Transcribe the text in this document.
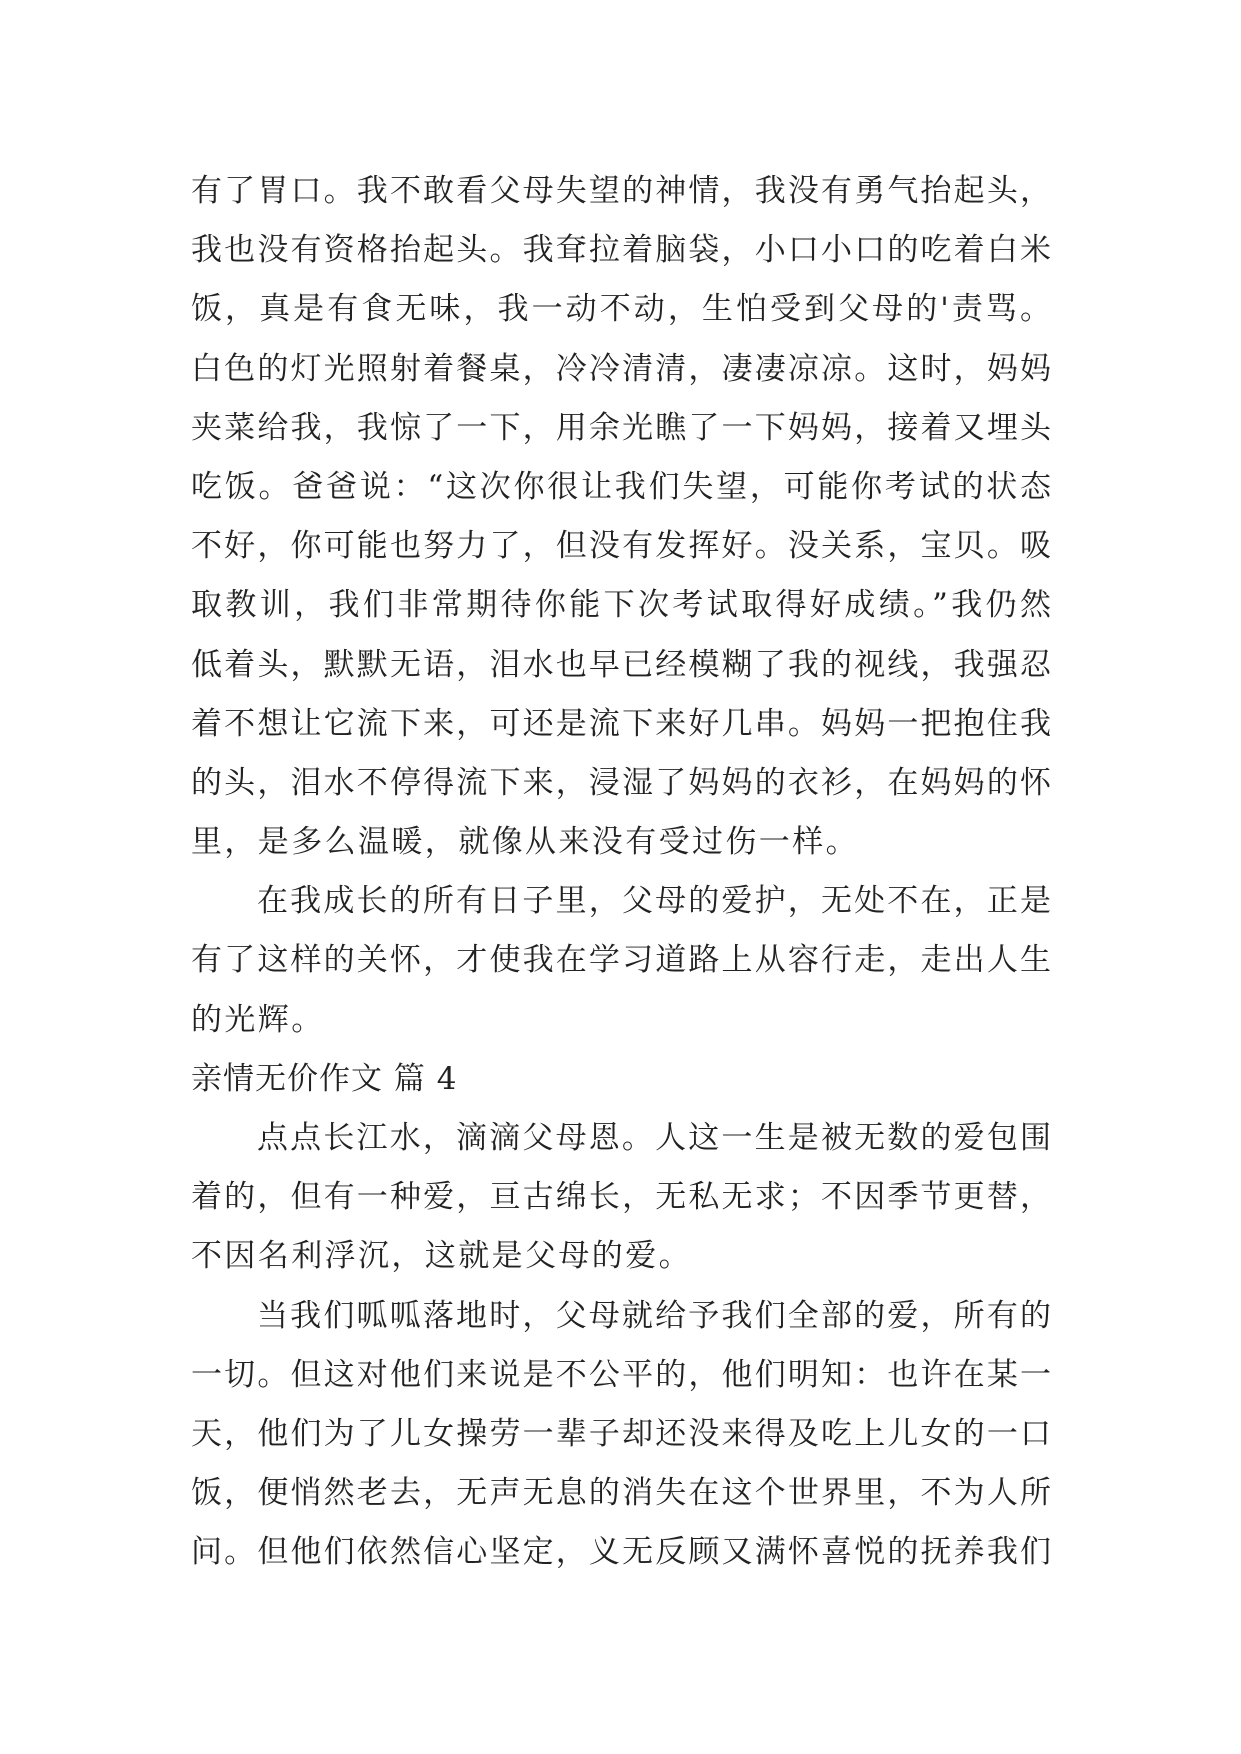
有了胃口。我不敢看父母失望的神情，我没有勇气抬起头，
我也没有资格抬起头。我耷拉着脑袋，小口小口的吃着白米
饭，真是有食无味，我一动不动，生怕受到父母的'责骂。
白色的灯光照射着餐桌，冷冷清清，凄凄凉凉。这时，妈妈
夹菜给我，我惊了一下，用余光瞧了一下妈妈，接着又埋头
吃饭。爸爸说：“这次你很让我们失望，可能你考试的状态
不好，你可能也努力了，但没有发挥好。没关系，宝贝。吸
取教训，我们非常期待你能下次考试取得好成绩。”我仍然
低着头，默默无语，泪水也早已经模糊了我的视线，我强忍
着不想让它流下来，可还是流下来好几串。妈妈一把抱住我
的头，泪水不停得流下来，浸湿了妈妈的衣衫，在妈妈的怀
里，是多么温暖，就像从来没有受过伤一样。
在我成长的所有日子里，父母的爱护，无处不在，正是
有了这样的关怀，才使我在学习道路上从容行走，走出人生
的光辉。
亲情无价作文 篇 4
点点长江水，滴滴父母恩。人这一生是被无数的爱包围
着的，但有一种爱，亘古绵长，无私无求；不因季节更替，
不因名利浮沉，这就是父母的爱。
当我们呱呱落地时，父母就给予我们全部的爱，所有的
一切。但这对他们来说是不公平的，他们明知：也许在某一
天，他们为了儿女操劳一辈子却还没来得及吃上儿女的一口
饭，便悄然老去，无声无息的消失在这个世界里，不为人所
问。但他们依然信心坚定，义无反顾又满怀喜悦的抚养我们
